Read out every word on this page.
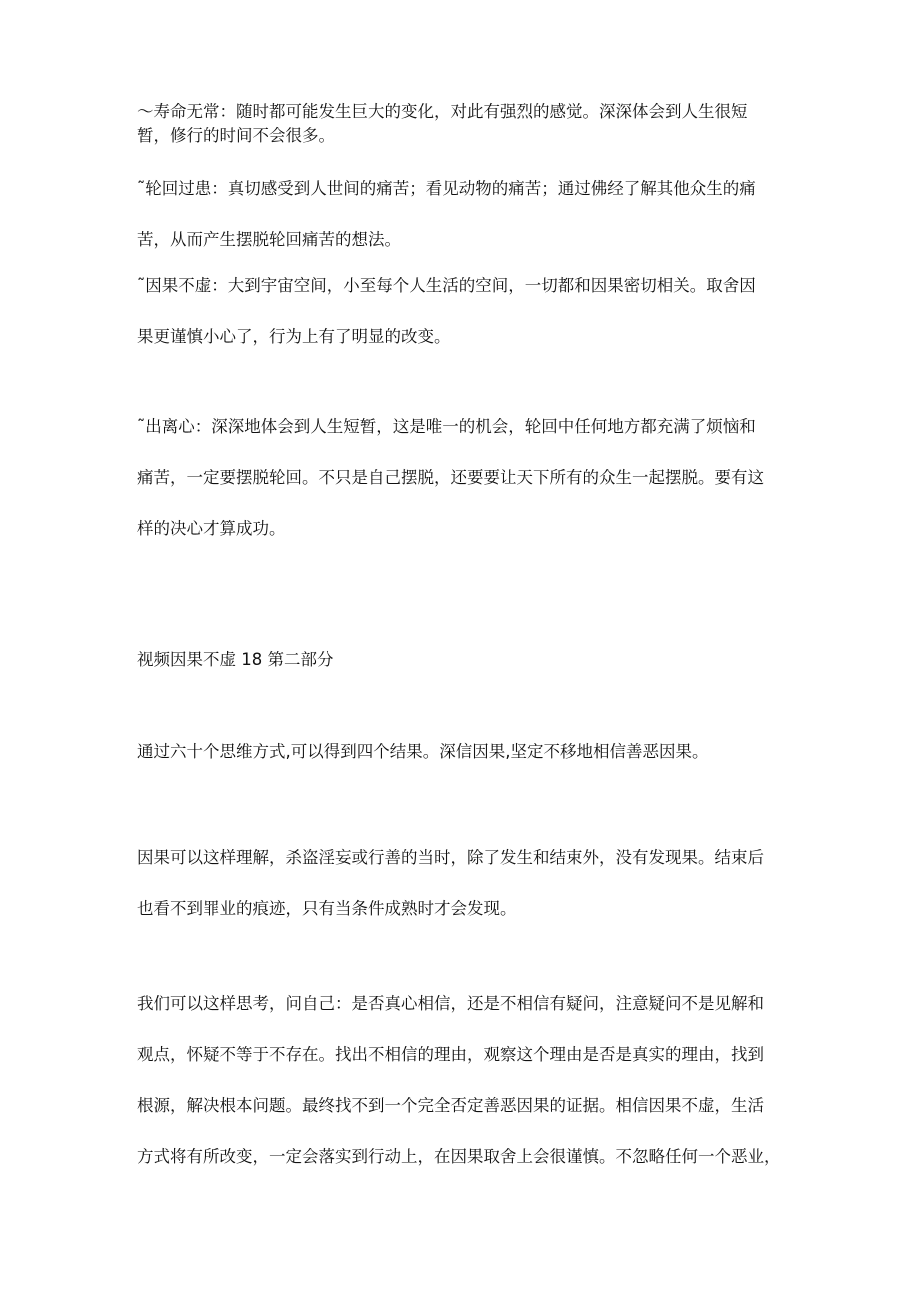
～寿命无常：随时都可能发生巨大的变化，对此有强烈的感觉。深深体会到人生很短
暂，修行的时间不会很多。
˜轮回过患：真切感受到人世间的痛苦；看见动物的痛苦；通过佛经了解其他众生的痛
苦，从而产生摆脱轮回痛苦的想法。
˜因果不虚：大到宇宙空间，小至每个人生活的空间，一切都和因果密切相关。取舍因
果更谨慎小心了，行为上有了明显的改变。
˜出离心：深深地体会到人生短暂，这是唯一的机会，轮回中任何地方都充满了烦恼和
痛苦，一定要摆脱轮回。不只是自己摆脱，还要要让天下所有的众生一起摆脱。要有这
样的决心才算成功。
视频因果不虚 18 第二部分
通过六十个思维方式,可以得到四个结果。深信因果,坚定不移地相信善恶因果。
因果可以这样理解，杀盗淫妄或行善的当时，除了发生和结束外，没有发现果。结束后
也看不到罪业的痕迹，只有当条件成熟时才会发现。
我们可以这样思考，问自己：是否真心相信，还是不相信有疑问，注意疑问不是见解和
观点，怀疑不等于不存在。找出不相信的理由，观察这个理由是否是真实的理由，找到
根源，解决根本问题。最终找不到一个完全否定善恶因果的证据。相信因果不虚，生活
方式将有所改变，一定会落实到行动上，在因果取舍上会很谨慎。不忽略任何一个恶业，
